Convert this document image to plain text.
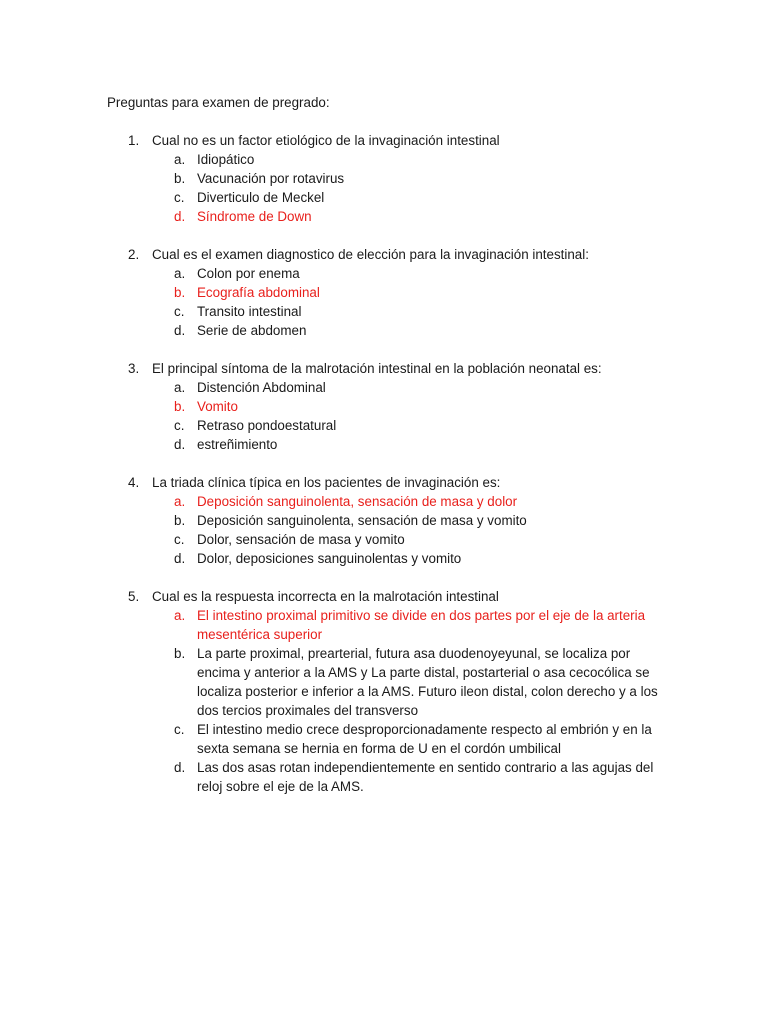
Preguntas para examen de pregrado:
1. Cual no es un factor etiológico de la invaginación intestinal
a. Idiopático
b. Vacunación por rotavirus
c. Diverticulo de Meckel
d. Síndrome de Down
2. Cual es el examen diagnostico de elección para la invaginación intestinal:
a. Colon por enema
b. Ecografía abdominal
c. Transito intestinal
d. Serie de abdomen
3. El principal síntoma de la malrotación intestinal en la población neonatal es:
a. Distención Abdominal
b. Vomito
c. Retraso pondoestatural
d. estreñimiento
4. La triada clínica típica en los pacientes de invaginación es:
a. Deposición sanguinolenta, sensación de masa y dolor
b. Deposición sanguinolenta, sensación de masa y vomito
c. Dolor, sensación de masa y vomito
d. Dolor, deposiciones sanguinolentas y vomito
5. Cual es la respuesta incorrecta en la malrotación intestinal
a. El intestino proximal primitivo se divide en dos partes por el eje de la arteria mesentérica superior
b. La parte proximal, prearterial, futura asa duodenoyeyunal, se localiza por encima y anterior a la AMS y La parte distal, postarterial o asa cecocólica se localiza posterior e inferior a la AMS. Futuro ileon distal, colon derecho y a los dos tercios proximales del transverso
c. El intestino medio crece desproporcionadamente respecto al embrión y en la sexta semana se hernia en forma de U en el cordón umbilical
d. Las dos asas rotan independientemente en sentido contrario a las agujas del reloj sobre el eje de la AMS.
